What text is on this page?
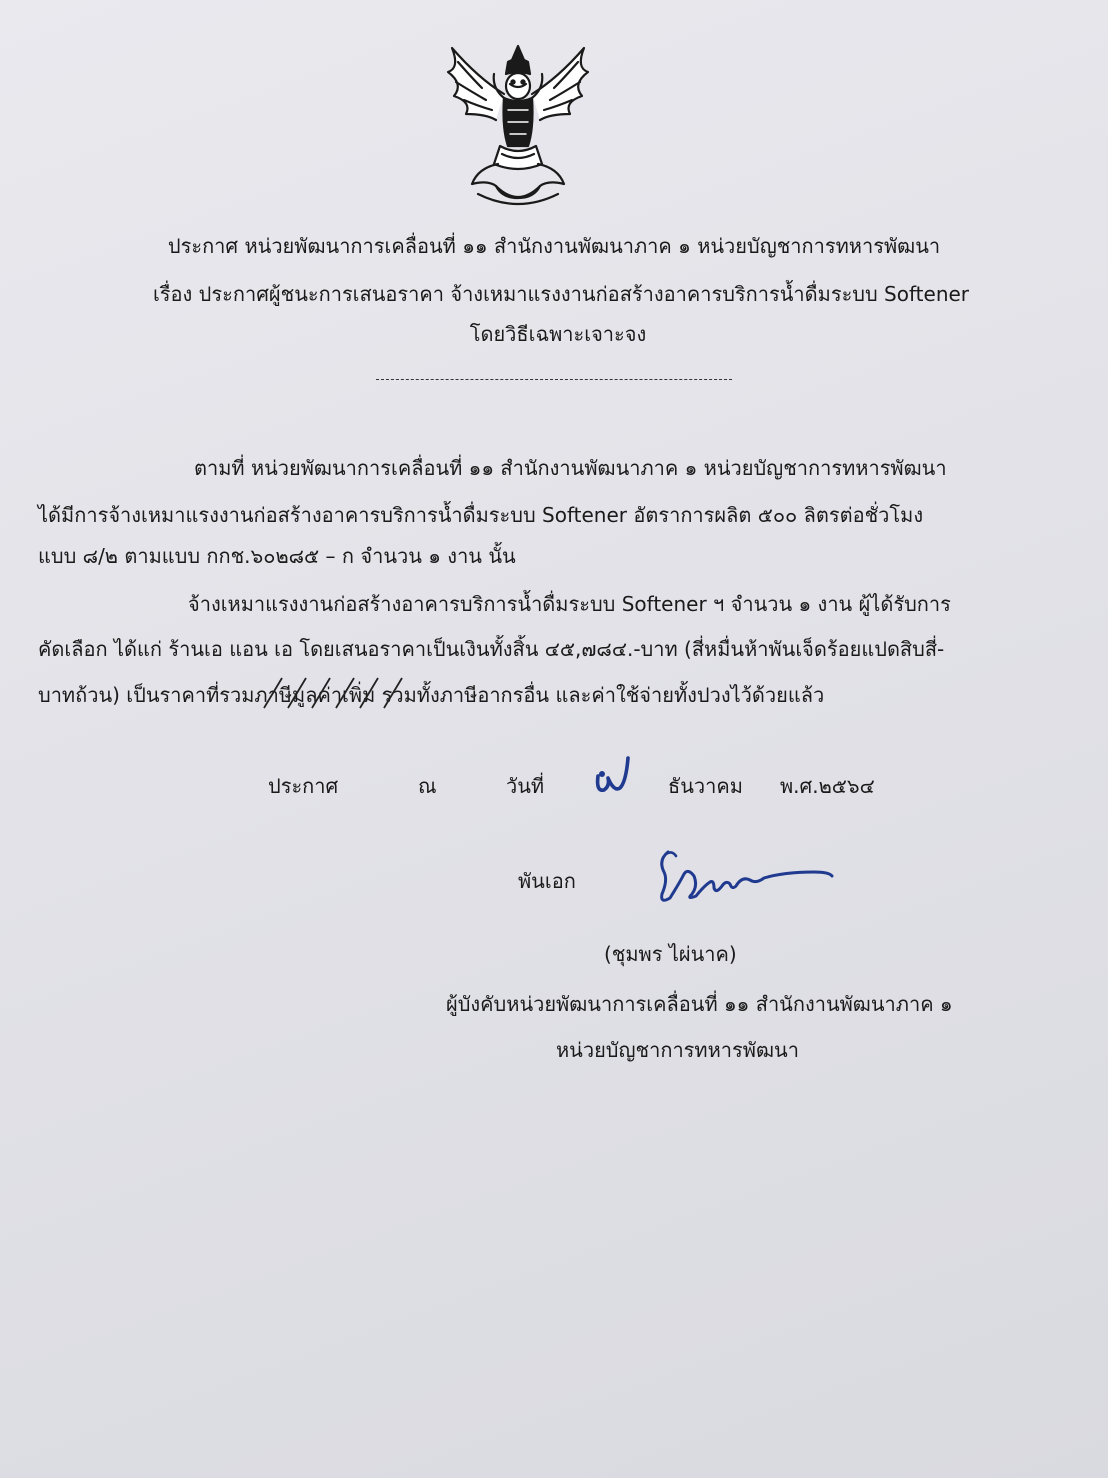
ประกาศ หน่วยพัฒนาการเคลื่อนที่ ๑๑ สำนักงานพัฒนาภาค ๑ หน่วยบัญชาการทหารพัฒนา
เรื่อง ประกาศผู้ชนะการเสนอราคา จ้างเหมาแรงงานก่อสร้างอาคารบริการน้ำดื่มระบบ Softener
โดยวิธีเฉพาะเจาะจง
ตามที่ หน่วยพัฒนาการเคลื่อนที่ ๑๑ สำนักงานพัฒนาภาค ๑ หน่วยบัญชาการทหารพัฒนา
ได้มีการจ้างเหมาแรงงานก่อสร้างอาคารบริการน้ำดื่มระบบ Softener อัตราการผลิต ๕๐๐ ลิตรต่อชั่วโมง
แบบ ๘/๒ ตามแบบ กกช.๖๐๒๘๕ – ก จำนวน ๑ งาน นั้น
จ้างเหมาแรงงานก่อสร้างอาคารบริการน้ำดื่มระบบ Softener ฯ จำนวน ๑ งาน ผู้ได้รับการ
คัดเลือก ได้แก่ ร้านเอ แอน เอ โดยเสนอราคาเป็นเงินทั้งสิ้น ๔๕,๗๘๔.-บาท (สี่หมื่นห้าพันเจ็ดร้อยแปดสิบสี่-
บาทถ้วน) เป็นราคาที่รวมภาษีมูลค่าเพิ่ม รวมทั้งภาษีอากรอื่น และค่าใช้จ่ายทั้งปวงไว้ด้วยแล้ว
ประกาศ	ณ	วันที่	ธันวาคม พ.ศ.๒๕๖๔
พันเอก
(ชุมพร ไผ่นาค)
ผู้บังคับหน่วยพัฒนาการเคลื่อนที่ ๑๑ สำนักงานพัฒนาภาค ๑
หน่วยบัญชาการทหารพัฒนา
